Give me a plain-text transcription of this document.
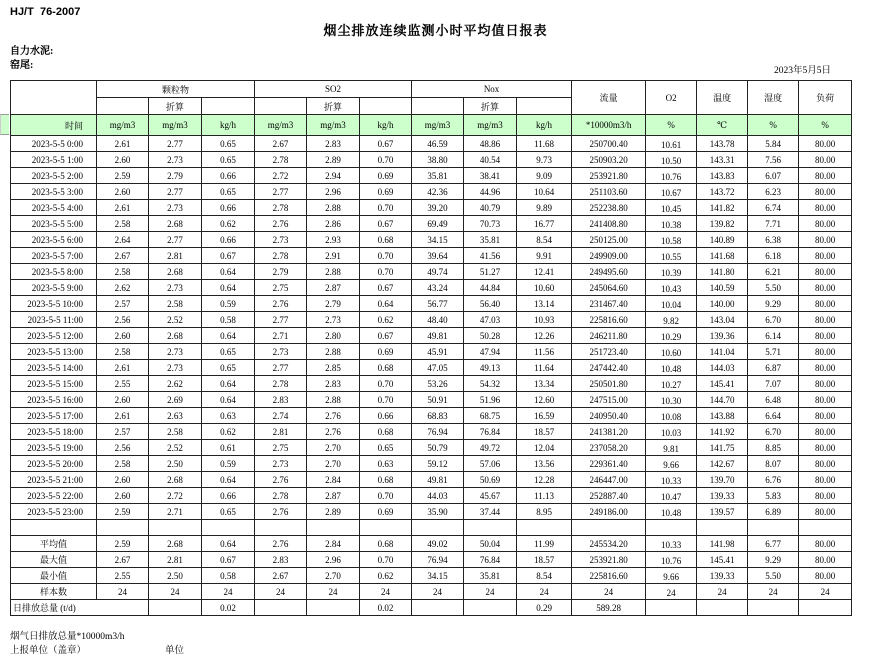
HJ/T  76-2007
烟尘排放连续监测小时平均值日报表
自力水泥:
窑尾:	2023年5月5日
	颗粒物			SO2			Nox			流量	O2	温度	湿度	负荷
		折算			折算			折算						
时间	mg/m3	mg/m3	kg/h	mg/m3	mg/m3	kg/h	mg/m3	mg/m3	kg/h	*10000m3/h	%	℃	%	%
2023-5-5 0:00	2.61	2.77	0.65	2.67	2.83	0.67	46.59	48.86	11.68	250700.40	10.61	143.78	5.84	80.00
2023-5-5 1:00	2.60	2.73	0.65	2.78	2.89	0.70	38.80	40.54	9.73	250903.20	10.50	143.31	7.56	80.00
2023-5-5 2:00	2.59	2.79	0.66	2.72	2.94	0.69	35.81	38.41	9.09	253921.80	10.76	143.83	6.07	80.00
2023-5-5 3:00	2.60	2.77	0.65	2.77	2.96	0.69	42.36	44.96	10.64	251103.60	10.67	143.72	6.23	80.00
2023-5-5 4:00	2.61	2.73	0.66	2.78	2.88	0.70	39.20	40.79	9.89	252238.80	10.45	141.82	6.74	80.00
2023-5-5 5:00	2.58	2.68	0.62	2.76	2.86	0.67	69.49	70.73	16.77	241408.80	10.38	139.82	7.71	80.00
2023-5-5 6:00	2.64	2.77	0.66	2.73	2.93	0.68	34.15	35.81	8.54	250125.00	10.58	140.89	6.38	80.00
2023-5-5 7:00	2.67	2.81	0.67	2.78	2.91	0.70	39.64	41.56	9.91	249909.00	10.55	141.68	6.18	80.00
2023-5-5 8:00	2.58	2.68	0.64	2.79	2.88	0.70	49.74	51.27	12.41	249495.60	10.39	141.80	6.21	80.00
2023-5-5 9:00	2.62	2.73	0.64	2.75	2.87	0.67	43.24	44.84	10.60	245064.60	10.43	140.59	5.50	80.00
2023-5-5 10:00	2.57	2.58	0.59	2.76	2.79	0.64	56.77	56.40	13.14	231467.40	10.04	140.00	9.29	80.00
2023-5-5 11:00	2.56	2.52	0.58	2.77	2.73	0.62	48.40	47.03	10.93	225816.60	9.82	143.04	6.70	80.00
2023-5-5 12:00	2.60	2.68	0.64	2.71	2.80	0.67	49.81	50.28	12.26	246211.80	10.29	139.36	6.14	80.00
2023-5-5 13:00	2.58	2.73	0.65	2.73	2.88	0.69	45.91	47.94	11.56	251723.40	10.60	141.04	5.71	80.00
2023-5-5 14:00	2.61	2.73	0.65	2.77	2.85	0.68	47.05	49.13	11.64	247442.40	10.48	144.03	6.87	80.00
2023-5-5 15:00	2.55	2.62	0.64	2.78	2.83	0.70	53.26	54.32	13.34	250501.80	10.27	145.41	7.07	80.00
2023-5-5 16:00	2.60	2.69	0.64	2.83	2.88	0.70	50.91	51.96	12.60	247515.00	10.30	144.70	6.48	80.00
2023-5-5 17:00	2.61	2.63	0.63	2.74	2.76	0.66	68.83	68.75	16.59	240950.40	10.08	143.88	6.64	80.00
2023-5-5 18:00	2.57	2.58	0.62	2.81	2.76	0.68	76.94	76.84	18.57	241381.20	10.03	141.92	6.70	80.00
2023-5-5 19:00	2.56	2.52	0.61	2.75	2.70	0.65	50.79	49.72	12.04	237058.20	9.81	141.75	8.85	80.00
2023-5-5 20:00	2.58	2.50	0.59	2.73	2.70	0.63	59.12	57.06	13.56	229361.40	9.66	142.67	8.07	80.00
2023-5-5 21:00	2.60	2.68	0.64	2.76	2.84	0.68	49.81	50.69	12.28	246447.00	10.33	139.70	6.76	80.00
2023-5-5 22:00	2.60	2.72	0.66	2.78	2.87	0.70	44.03	45.67	11.13	252887.40	10.47	139.33	5.83	80.00
2023-5-5 23:00	2.59	2.71	0.65	2.76	2.89	0.69	35.90	37.44	8.95	249186.00	10.48	139.57	6.89	80.00

平均值	2.59	2.68	0.64	2.76	2.84	0.68	49.02	50.04	11.99	245534.20	10.33	141.98	6.77	80.00
最大值	2.67	2.81	0.67	2.83	2.96	0.70	76.94	76.84	18.57	253921.80	10.76	145.41	9.29	80.00
最小值	2.55	2.50	0.58	2.67	2.70	0.62	34.15	35.81	8.54	225816.60	9.66	139.33	5.50	80.00
样本数	24	24	24	24	24	24	24	24	24	24	24	24	24	24
日排放总量 (t/d)			0.02			0.02			0.29	589.28				
烟气日排放总量*10000m3/h
上报单位（盖章）	单位
